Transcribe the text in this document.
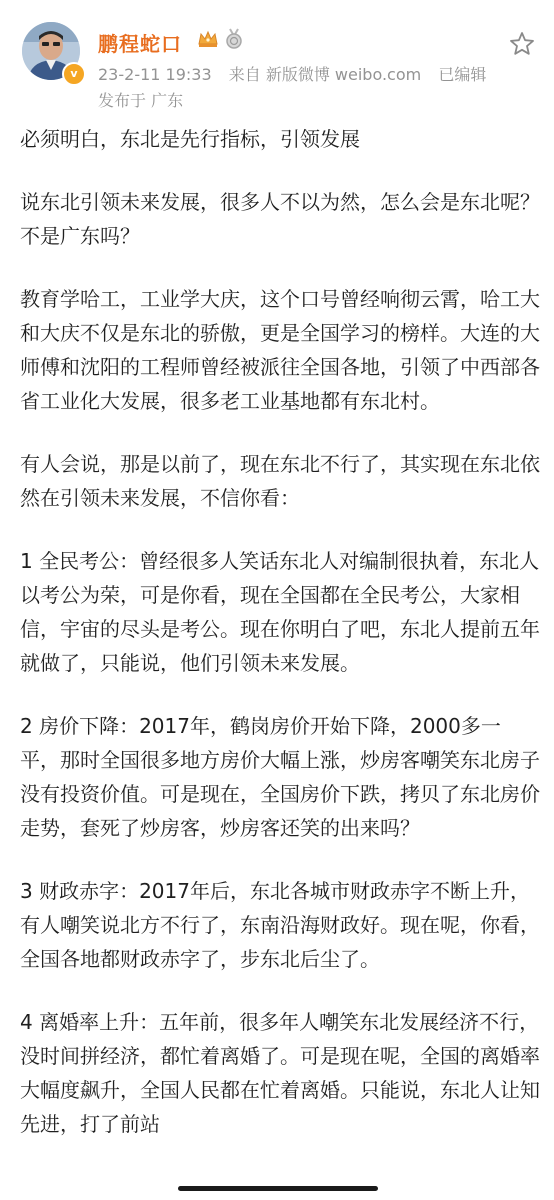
v
鹏程蛇口
23-2-11 19:33 来自 新版微博 weibo.com 已编辑
发布于 广东

必须明白，东北是先行指标，引领发展

说东北引领未来发展，很多人不以为然，怎么会是东北呢？不是广东吗？

教育学哈工，工业学大庆，这个口号曾经响彻云霄，哈工大和大庆不仅是东北的骄傲，更是全国学习的榜样。大连的大师傅和沈阳的工程师曾经被派往全国各地，引领了中西部各省工业化大发展，很多老工业基地都有东北村。

有人会说，那是以前了，现在东北不行了，其实现在东北依然在引领未来发展，不信你看：

1 全民考公：曾经很多人笑话东北人对编制很执着，东北人以考公为荣，可是你看，现在全国都在全民考公，大家相信，宇宙的尽头是考公。现在你明白了吧，东北人提前五年就做了，只能说，他们引领未来发展。

2 房价下降：2017年，鹤岗房价开始下降，2000多一平，那时全国很多地方房价大幅上涨，炒房客嘲笑东北房子没有投资价值。可是现在，全国房价下跌，拷贝了东北房价走势，套死了炒房客，炒房客还笑的出来吗？

3 财政赤字：2017年后，东北各城市财政赤字不断上升，有人嘲笑说北方不行了，东南沿海财政好。现在呢，你看，全国各地都财政赤字了，步东北后尘了。

4 离婚率上升：五年前，很多年人嘲笑东北发展经济不行，没时间拼经济，都忙着离婚了。可是现在呢，全国的离婚率大幅度飙升，全国人民都在忙着离婚。只能说，东北人让知先进，打了前站
